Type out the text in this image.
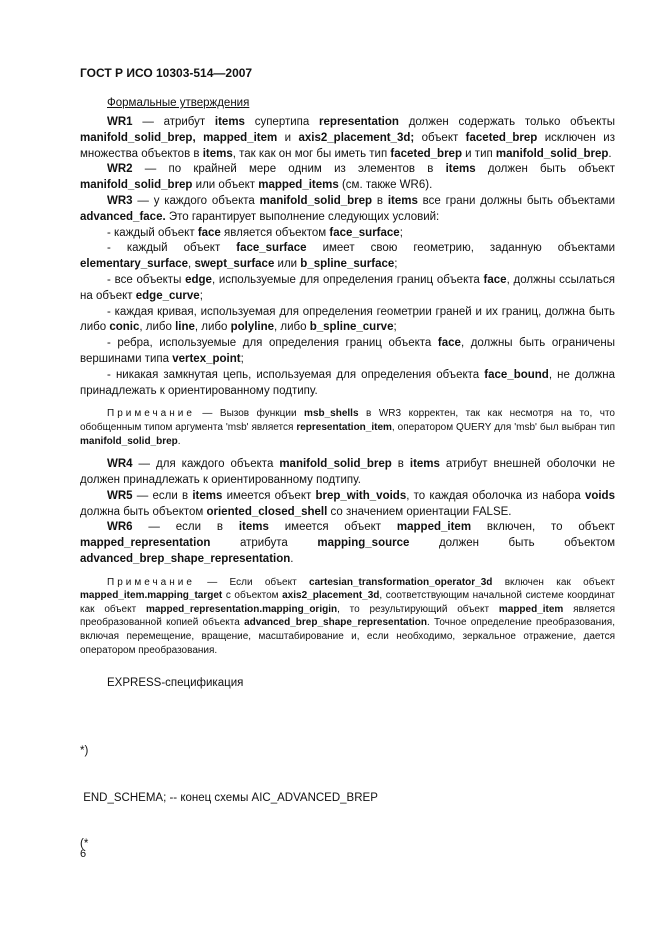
ГОСТ Р ИСО 10303-514—2007
Формальные утверждения

WR1 — атрибут items супертипа representation должен содержать только объекты manifold_solid_brep, mapped_item и axis2_placement_3d; объект faceted_brep исключен из множества объектов в items, так как он мог бы иметь тип faceted_brep и тип manifold_solid_brep.

WR2 — по крайней мере одним из элементов в items должен быть объект manifold_solid_brep или объект mapped_items (см. также WR6).

WR3 — у каждого объекта manifold_solid_brep в items все грани должны быть объектами advanced_face. Это гарантирует выполнение следующих условий:

- каждый объект face является объектом face_surface;

- каждый объект face_surface имеет свою геометрию, заданную объектами elementary_surface, swept_surface или b_spline_surface;

- все объекты edge, используемые для определения границ объекта face, должны ссылаться на объект edge_curve;

- каждая кривая, используемая для определения геометрии граней и их границ, должна быть либо conic, либо line, либо polyline, либо b_spline_curve;

- ребра, используемые для определения границ объекта face, должны быть ограничены вершинами типа vertex_point;

- никакая замкнутая цепь, используемая для определения объекта face_bound, не должна принадлежать к ориентированному подтипу.

Примечание — Вызов функции msb_shells в WR3 корректен, так как несмотря на то, что обобщенным типом аргумента 'msb' является representation_item, оператором QUERY для 'msb' был выбран тип manifold_solid_brep.

WR4 — для каждого объекта manifold_solid_brep в items атрибут внешней оболочки не должен принадлежать к ориентированному подтипу.

WR5 — если в items имеется объект brep_with_voids, то каждая оболочка из набора voids должна быть объектом oriented_closed_shell со значением ориентации FALSE.

WR6 — если в items имеется объект mapped_item включен, то объект mapped_representation атрибута mapping_source должен быть объектом advanced_brep_shape_representation.

Примечание — Если объект cartesian_transformation_operator_3d включен как объект mapped_item.mapping_target с объектом axis2_placement_3d, соответствующим начальной системе координат как объект mapped_representation.mapping_origin, то результирующий объект mapped_item является преобразованной копией объекта advanced_brep_shape_representation. Точное определение преобразования, включая перемещение, вращение, масштабирование и, если необходимо, зеркальное отражение, дается оператором преобразования.

EXPRESS-спецификация

*)

END_SCHEMA; -- конец схемы AIC_ADVANCED_BREP

(*

6
